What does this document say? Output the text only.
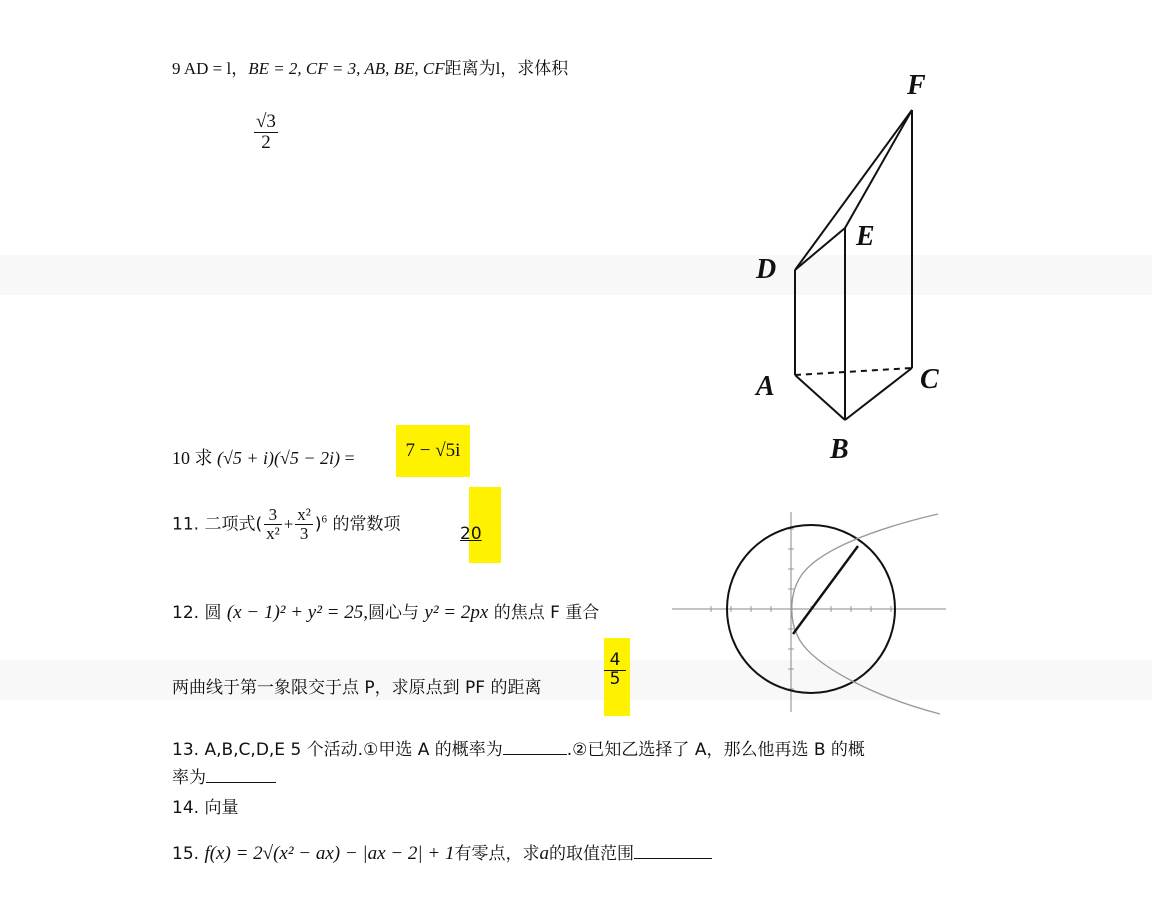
9 AD = l，BE = 2, CF = 3, AB, BE, CF距离为l，求体积
$\frac{√3}{2}$
F
E
D
A	C
B
10 求 (√5 + i)(√5 − 2i) =	7 − √5i
11. 二项式( $\frac{3}{\text{x²}} + \frac{\text{x²}}{3} )^6$ 的常数项	20
12. 圆 (x − 1)² + y² = 25,圆心与 y² = 2px 的焦点 F 重合
两曲线于第一象限交于点 P，求原点到 PF 的距离	$\frac{4}{5}$
13. A,B,C,D,E 5 个活动.①甲选 A 的概率为	.②已知乙选择了 A，那么他再选 B 的概
率为
14. 向量
15. f(x) = 2√(x² − ax) − |ax − 2| + 1有零点，求a的取值范围
